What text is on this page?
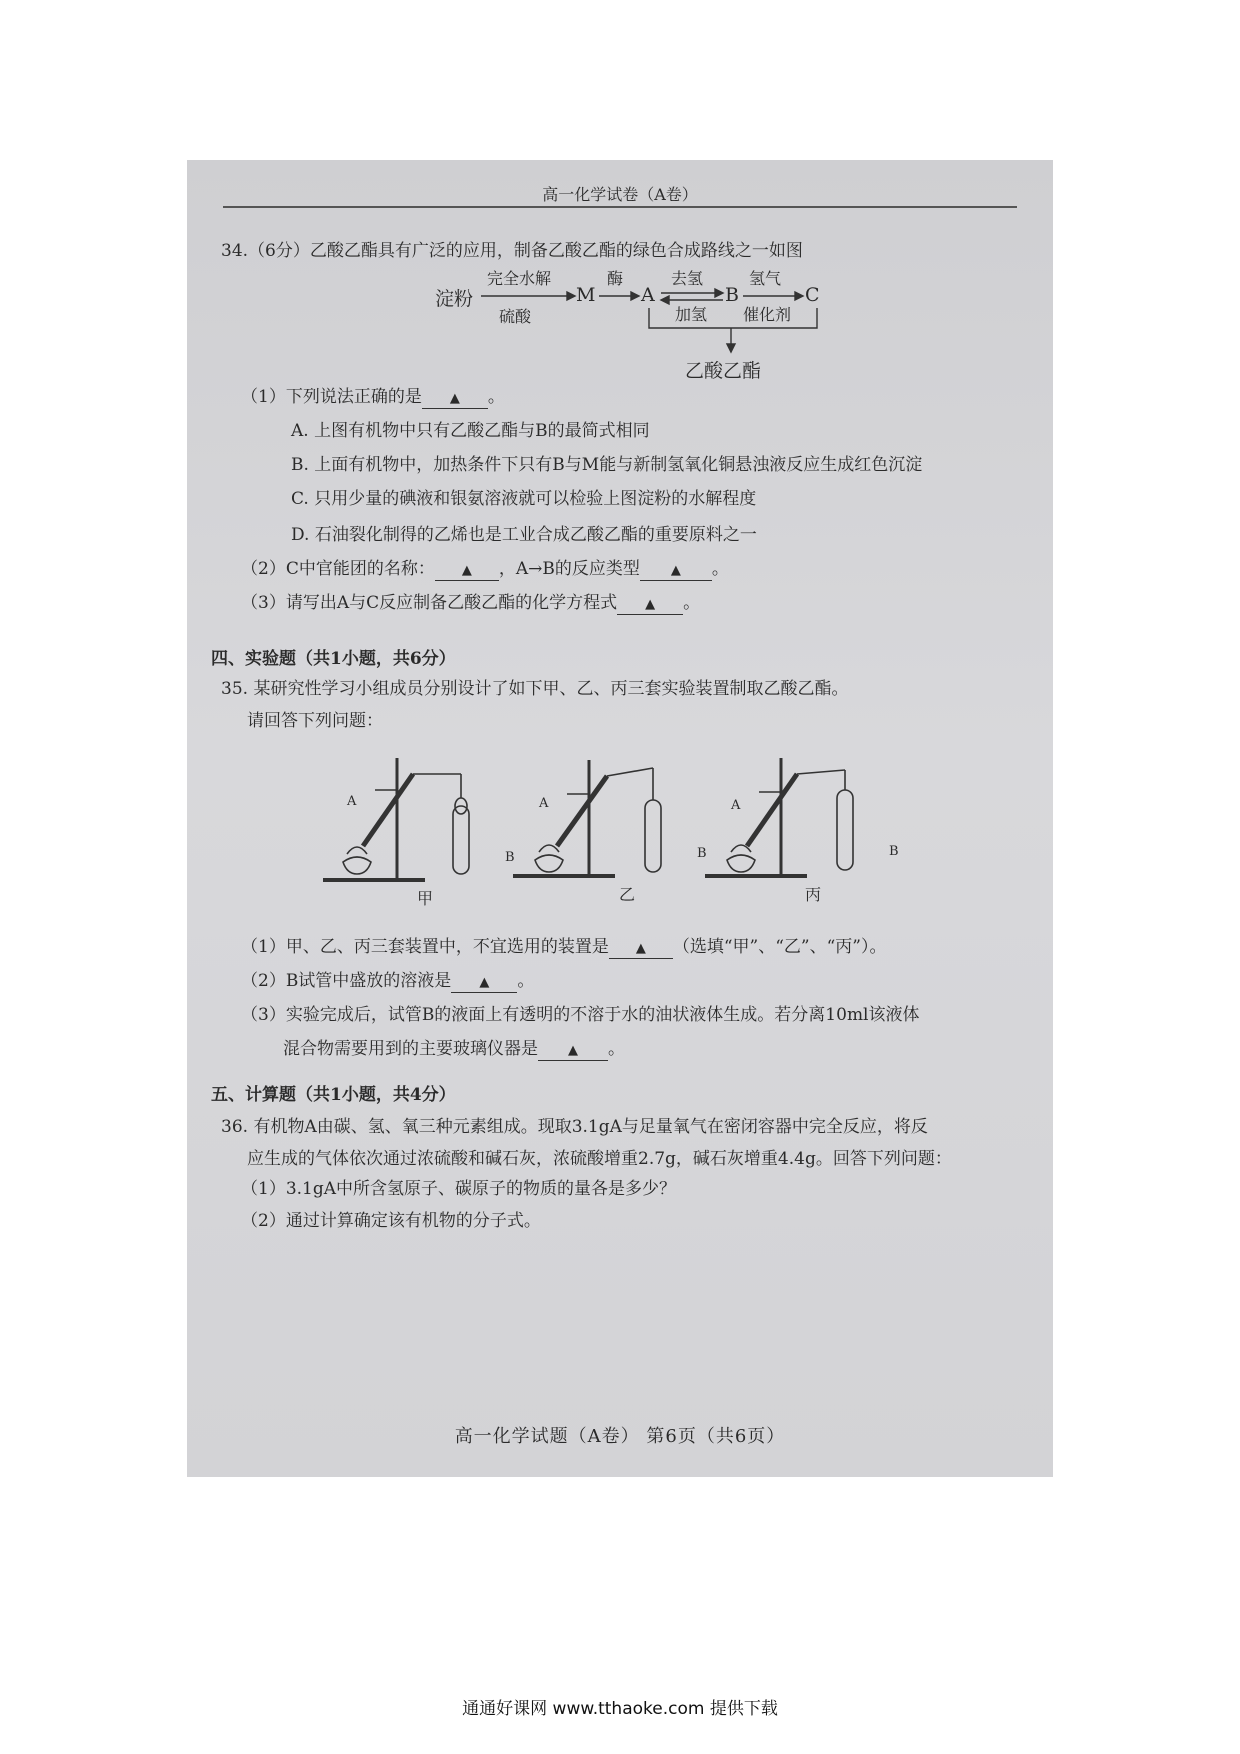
高一化学试卷（A卷）
34.（6分）乙酸乙酯具有广泛的应用，制备乙酸乙酯的绿色合成路线之一如图
淀粉
完全水解
硫酸
M
酶
A
去氢
加氢
B
氢气
催化剂
C
乙酸乙酯
（1）下列说法正确的是 ▲ 。
A. 上图有机物中只有乙酸乙酯与B的最简式相同
B. 上面有机物中，加热条件下只有B与M能与新制氢氧化铜悬浊液反应生成红色沉淀
C. 只用少量的碘液和银氨溶液就可以检验上图淀粉的水解程度
D. 石油裂化制得的乙烯也是工业合成乙酸乙酯的重要原料之一
（2）C中官能团的名称： ▲ ，A→B的反应类型 ▲ 。
（3）请写出A与C反应制备乙酸乙酯的化学方程式 ▲ 。
四、实验题（共1小题，共6分）
35. 某研究性学习小组成员分别设计了如下甲、乙、丙三套实验装置制取乙酸乙酯。
请回答下列问题：
A
B
A
B
A
B
甲	乙	丙
（1）甲、乙、丙三套装置中，不宜选用的装置是 ▲ （选填“甲”、“乙”、“丙”）。
（2）B试管中盛放的溶液是 ▲ 。
（3）实验完成后，试管B的液面上有透明的不溶于水的油状液体生成。若分离10ml该液体
混合物需要用到的主要玻璃仪器是 ▲ 。
五、计算题（共1小题，共4分）
36. 有机物A由碳、氢、氧三种元素组成。现取3.1gA与足量氧气在密闭容器中完全反应，将反
应生成的气体依次通过浓硫酸和碱石灰，浓硫酸增重2.7g，碱石灰增重4.4g。回答下列问题：
（1）3.1gA中所含氢原子、碳原子的物质的量各是多少？
（2）通过计算确定该有机物的分子式。
高一化学试题（A卷） 第6页（共6页）
通通好课网 www.tthaoke.com 提供下载
